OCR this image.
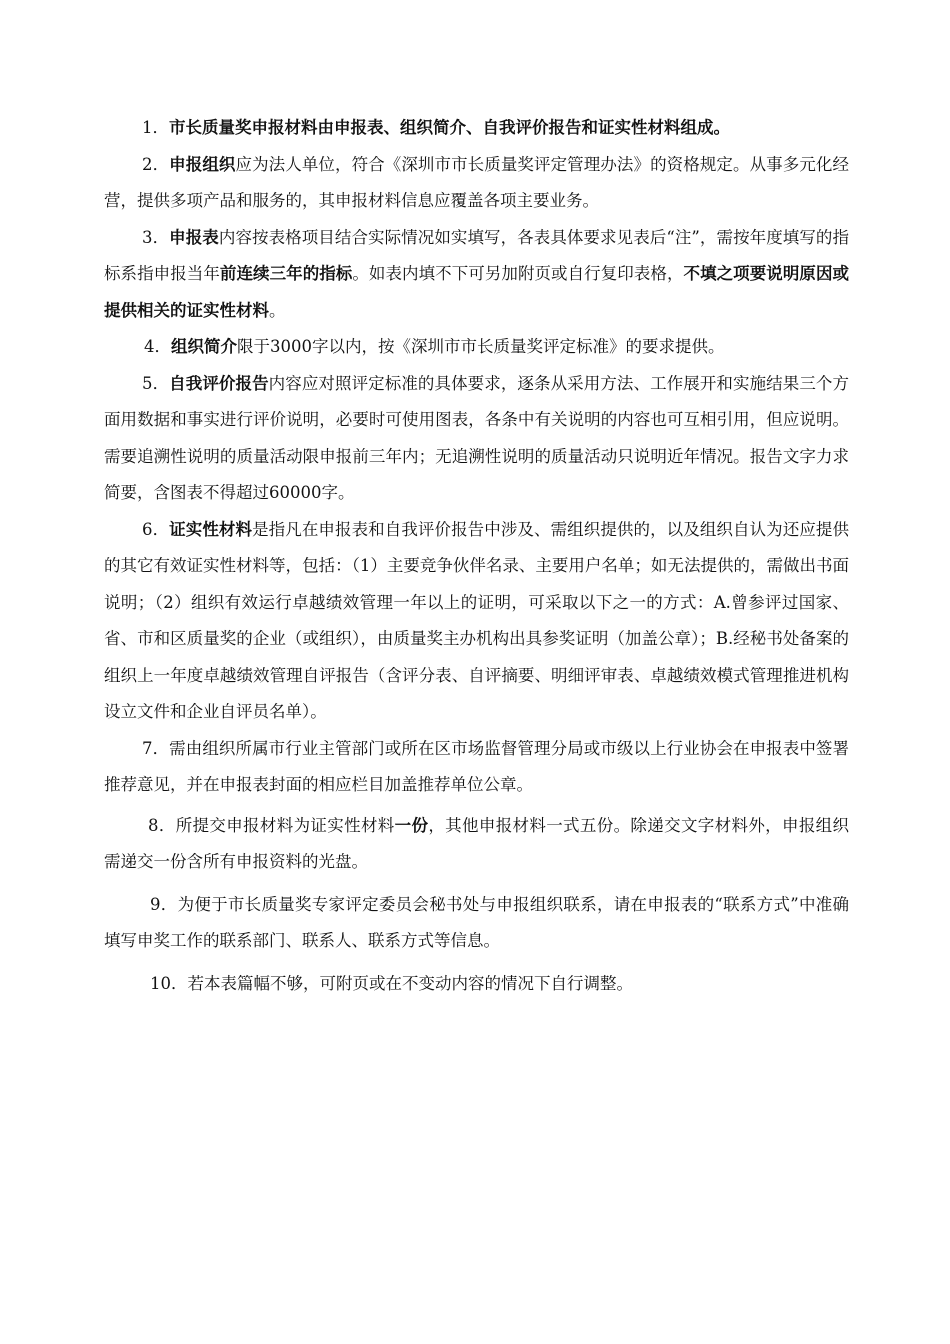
1．市长质量奖申报材料由申报表、组织简介、自我评价报告和证实性材料组成。

2．申报组织应为法人单位，符合《深圳市市长质量奖评定管理办法》的资格规定。从事多元化经营，提供多项产品和服务的，其申报材料信息应覆盖各项主要业务。

3．申报表内容按表格项目结合实际情况如实填写，各表具体要求见表后“注”，需按年度填写的指标系指申报当年前连续三年的指标。如表内填不下可另加附页或自行复印表格，不填之项要说明原因或提供相关的证实性材料。

4．组织简介限于3000字以内，按《深圳市市长质量奖评定标准》的要求提供。

5．自我评价报告内容应对照评定标准的具体要求，逐条从采用方法、工作展开和实施结果三个方面用数据和事实进行评价说明，必要时可使用图表，各条中有关说明的内容也可互相引用，但应说明。需要追溯性说明的质量活动限申报前三年内；无追溯性说明的质量活动只说明近年情况。报告文字力求简要，含图表不得超过60000字。

6．证实性材料是指凡在申报表和自我评价报告中涉及、需组织提供的，以及组织自认为还应提供的其它有效证实性材料等，包括：（1）主要竞争伙伴名录、主要用户名单；如无法提供的，需做出书面说明；（2）组织有效运行卓越绩效管理一年以上的证明，可采取以下之一的方式：A.曾参评过国家、省、市和区质量奖的企业（或组织），由质量奖主办机构出具参奖证明（加盖公章）；B.经秘书处备案的组织上一年度卓越绩效管理自评报告（含评分表、自评摘要、明细评审表、卓越绩效模式管理推进机构设立文件和企业自评员名单）。

7．需由组织所属市行业主管部门或所在区市场监督管理分局或市级以上行业协会在申报表中签署推荐意见，并在申报表封面的相应栏目加盖推荐单位公章。

8．所提交申报材料为证实性材料一份，其他申报材料一式五份。除递交文字材料外，申报组织需递交一份含所有申报资料的光盘。

9．为便于市长质量奖专家评定委员会秘书处与申报组织联系，请在申报表的“联系方式”中准确填写申奖工作的联系部门、联系人、联系方式等信息。

10．若本表篇幅不够，可附页或在不变动内容的情况下自行调整。
